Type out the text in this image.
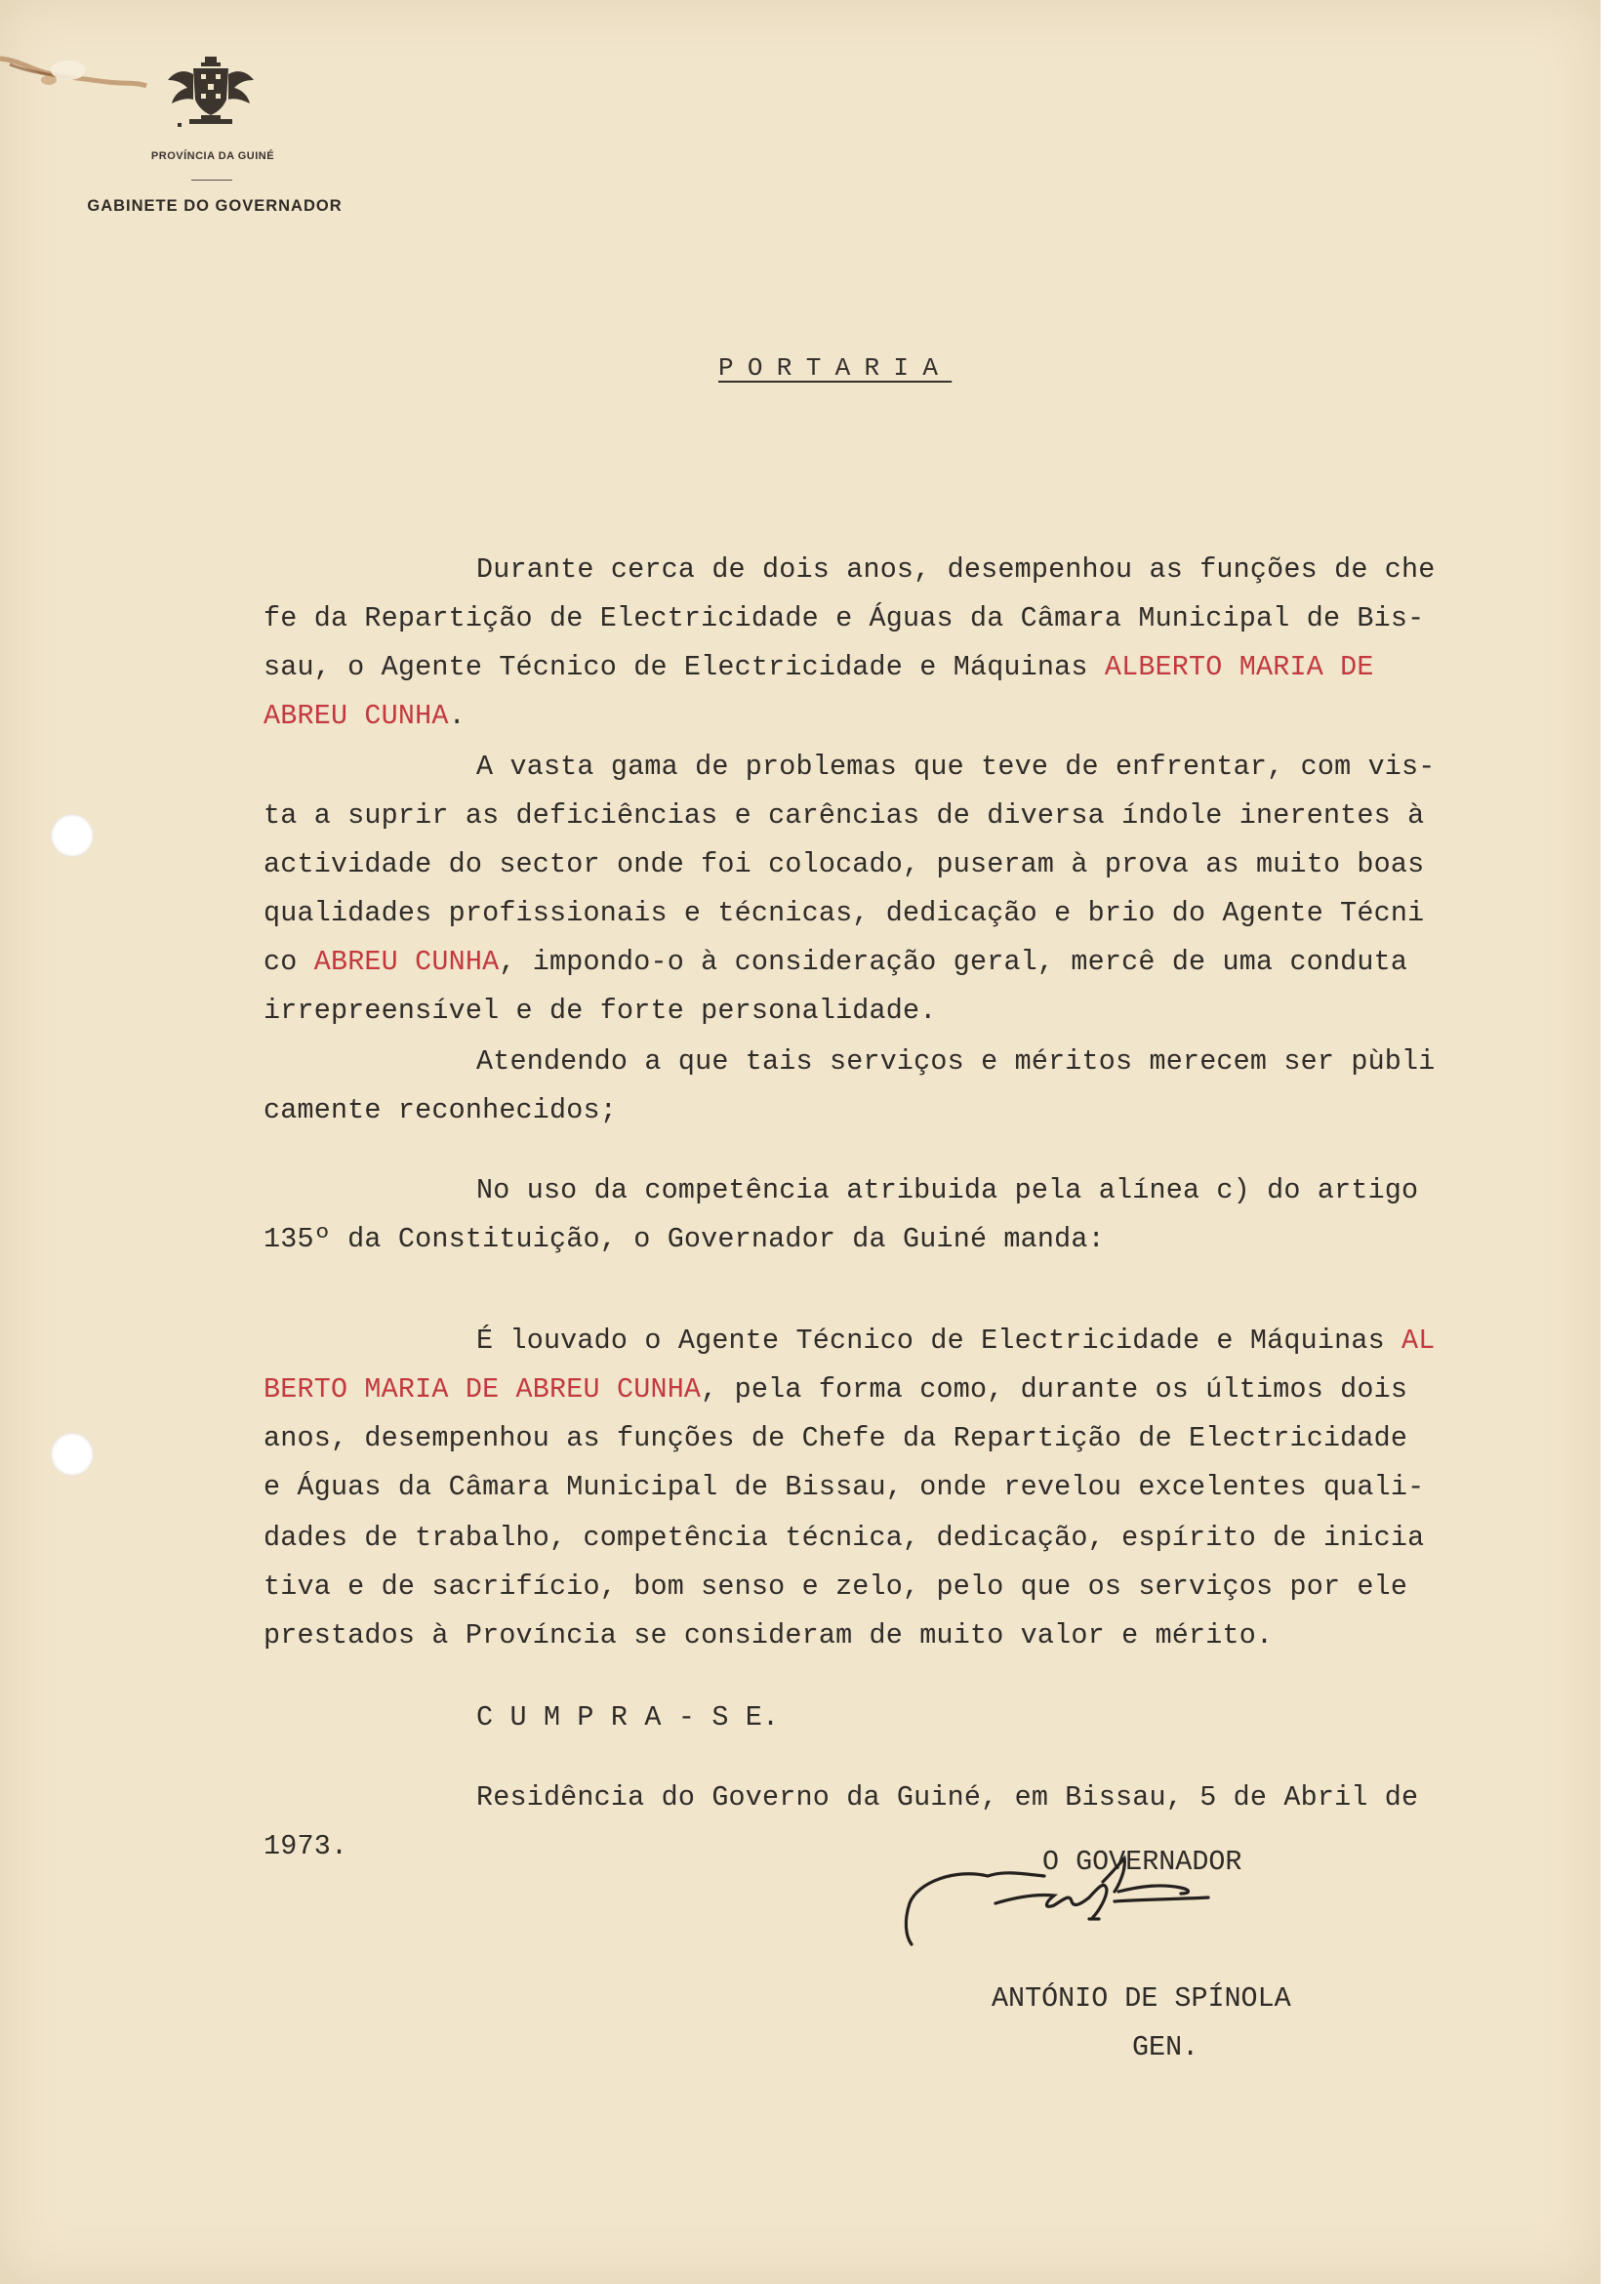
PROVÍNCIA DA GUINÉ
GABINETE DO GOVERNADOR
PORTARIA
Durante cerca de dois anos, desempenhou as funções de che
fe da Repartição de Electricidade e Águas da Câmara Municipal de Bis-
sau, o Agente Técnico de Electricidade e Máquinas ALBERTO MARIA DE
ABREU CUNHA.
A vasta gama de problemas que teve de enfrentar, com vis-
ta a suprir as deficiências e carências de diversa índole inerentes à
actividade do sector onde foi colocado, puseram à prova as muito boas
qualidades profissionais e técnicas, dedicação e brio do Agente Técni
co ABREU CUNHA, impondo-o à consideração geral, mercê de uma conduta
irrepreensível e de forte personalidade.
Atendendo a que tais serviços e méritos merecem ser pùbli
camente reconhecidos;
No uso da competência atribuida pela alínea c) do artigo
135º da Constituição, o Governador da Guiné manda:
É louvado o Agente Técnico de Electricidade e Máquinas AL
BERTO MARIA DE ABREU CUNHA, pela forma como, durante os últimos dois
anos, desempenhou as funções de Chefe da Repartição de Electricidade
e Águas da Câmara Municipal de Bissau, onde revelou excelentes quali-
dades de trabalho, competência técnica, dedicação, espírito de inicia
tiva e de sacrifício, bom senso e zelo, pelo que os serviços por ele
prestados à Província se consideram de muito valor e mérito.
C U M P R A - S E.
Residência do Governo da Guiné, em Bissau, 5 de Abril de
1973.	O GOVERNADOR
ANTÓNIO DE SPÍNOLA
GEN.
